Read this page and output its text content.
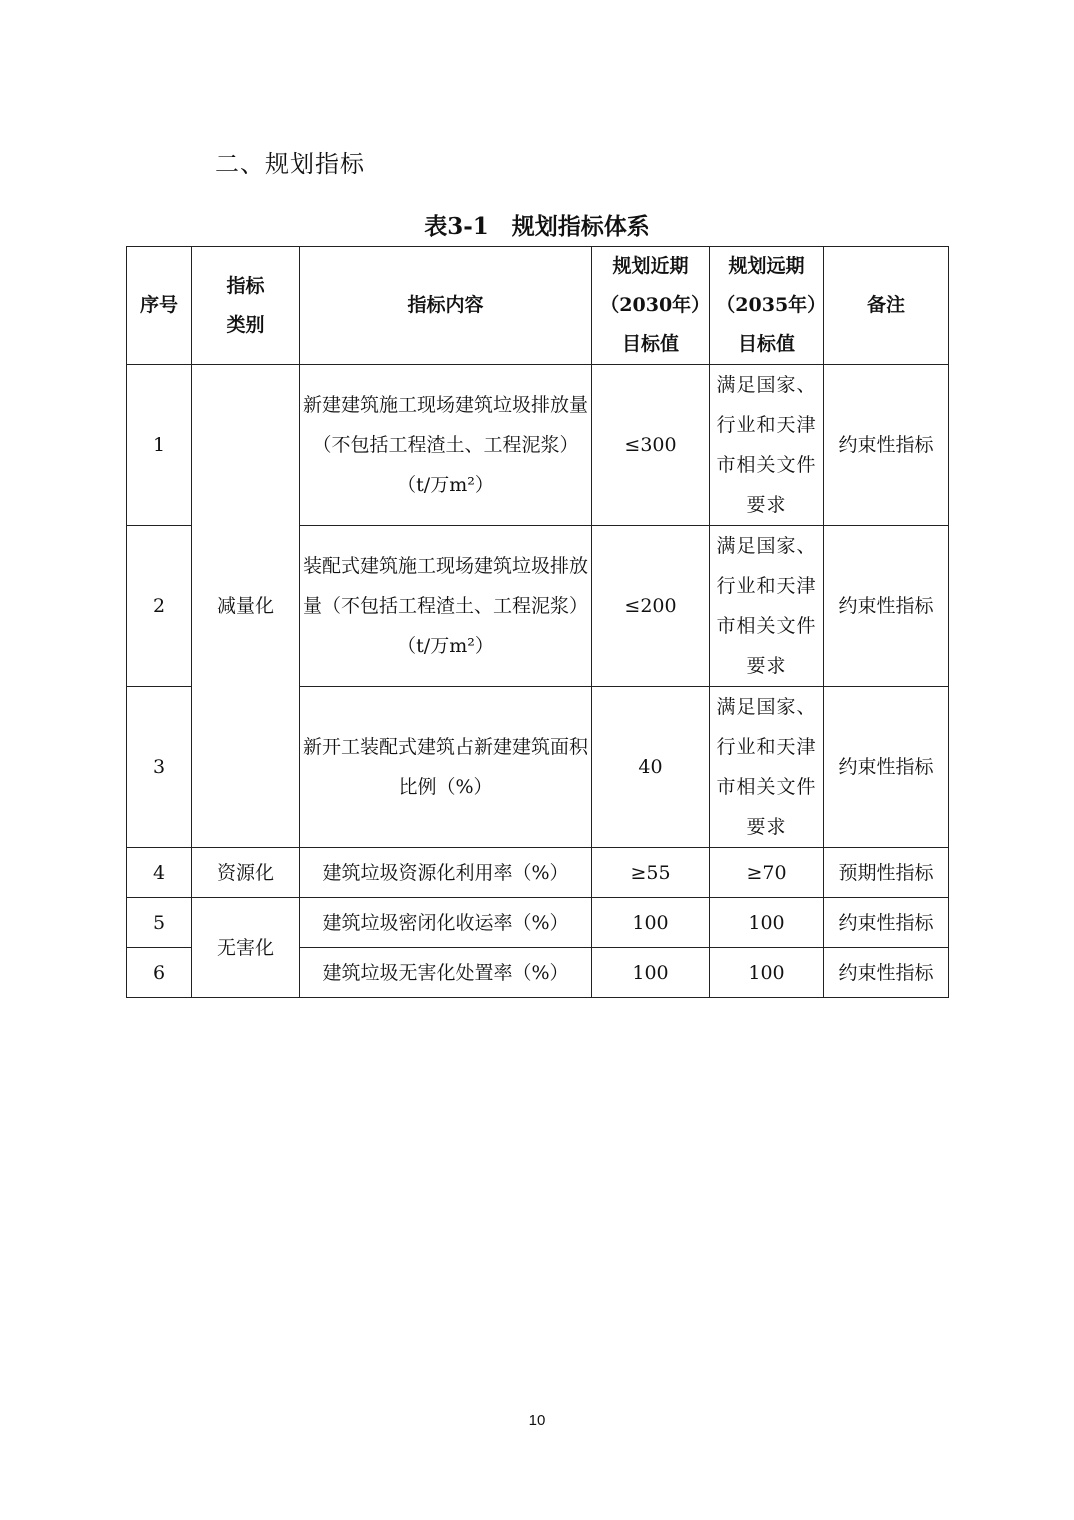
二、规划指标
表3-1　规划指标体系
序号	指标类别	指标内容	规划近期（2030年）目标值	规划远期（2035年）目标值	备注
1	减量化	新建建筑施工现场建筑垃圾排放量（不包括工程渣土、工程泥浆）（t/万m²）	≤300	满足国家、行业和天津市相关文件要求	约束性指标
2		装配式建筑施工现场建筑垃圾排放量（不包括工程渣土、工程泥浆）（t/万m²）	≤200	满足国家、行业和天津市相关文件要求	约束性指标
3		新开工装配式建筑占新建建筑面积比例（%）	40	满足国家、行业和天津市相关文件要求	约束性指标
4	资源化	建筑垃圾资源化利用率（%）	≥55	≥70	预期性指标
5	无害化	建筑垃圾密闭化收运率（%）	100	100	约束性指标
6		建筑垃圾无害化处置率（%）	100	100	约束性指标
10
